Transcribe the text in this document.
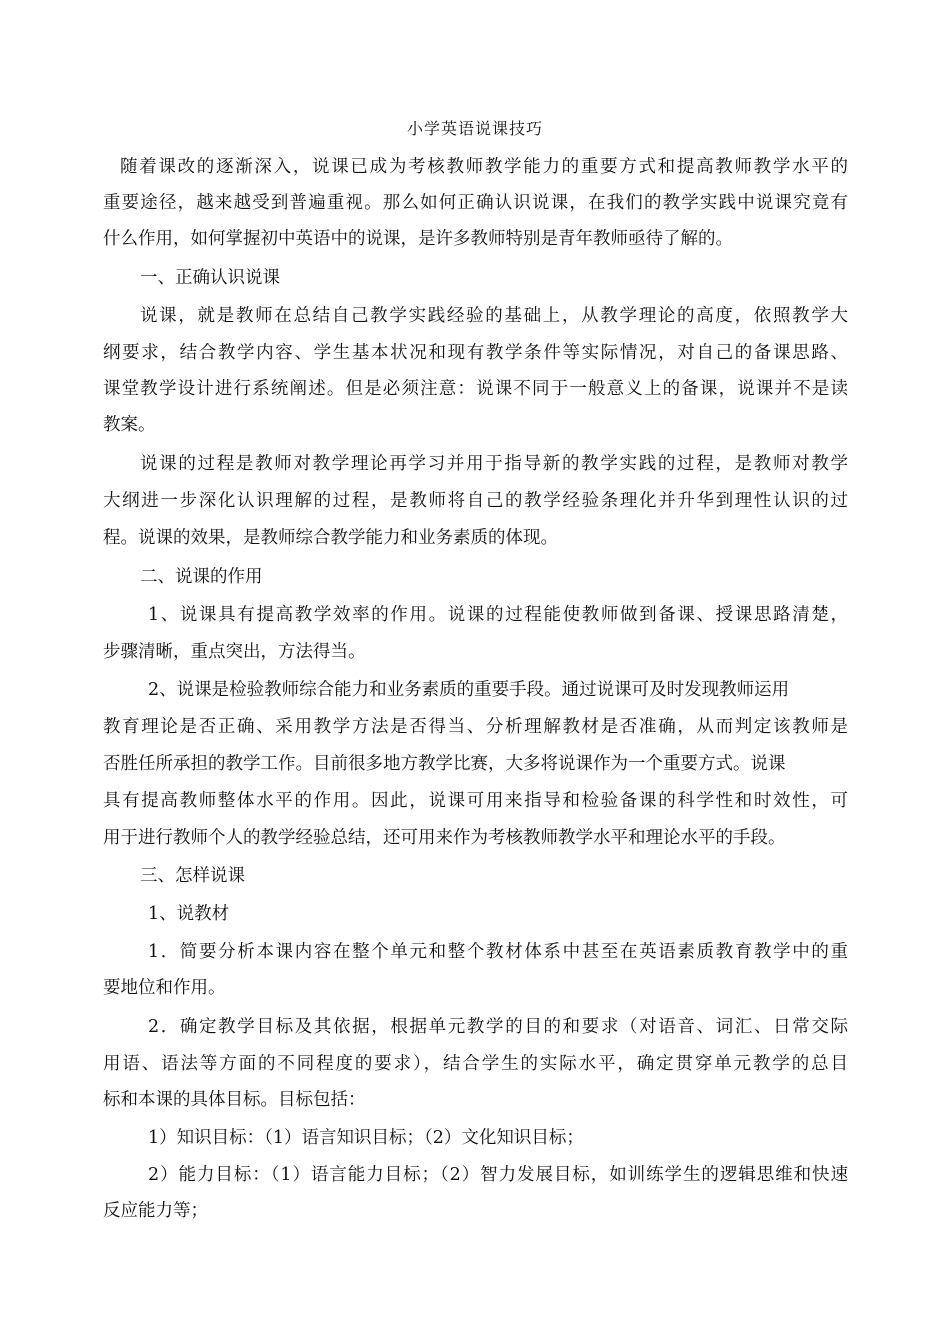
小学英语说课技巧

随着课改的逐渐深入，说课已成为考核教师教学能力的重要方式和提高教师教学水平的

重要途径，越来越受到普遍重视。那么如何正确认识说课，在我们的教学实践中说课究竟有

什么作用，如何掌握初中英语中的说课，是许多教师特别是青年教师亟待了解的。

一、正确认识说课

说课，就是教师在总结自己教学实践经验的基础上，从教学理论的高度，依照教学大

纲要求，结合教学内容、学生基本状况和现有教学条件等实际情况，对自己的备课思路、

课堂教学设计进行系统阐述。但是必须注意：说课不同于一般意义上的备课，说课并不是读

教案。

说课的过程是教师对教学理论再学习并用于指导新的教学实践的过程，是教师对教学

大纲进一步深化认识理解的过程，是教师将自己的教学经验条理化并升华到理性认识的过

程。说课的效果，是教师综合教学能力和业务素质的体现。

二、说课的作用

1、说课具有提高教学效率的作用。说课的过程能使教师做到备课、授课思路清楚，

步骤清晰，重点突出，方法得当。

2、说课是检验教师综合能力和业务素质的重要手段。通过说课可及时发现教师运用

教育理论是否正确、采用教学方法是否得当、分析理解教材是否准确，从而判定该教师是

否胜任所承担的教学工作。目前很多地方教学比赛，大多将说课作为一个重要方式。说课

具有提高教师整体水平的作用。因此，说课可用来指导和检验备课的科学性和时效性，可

用于进行教师个人的教学经验总结，还可用来作为考核教师教学水平和理论水平的手段。

三、怎样说课

1、说教材

1．简要分析本课内容在整个单元和整个教材体系中甚至在英语素质教育教学中的重

要地位和作用。

2．确定教学目标及其依据，根据单元教学的目的和要求（对语音、词汇、日常交际

用语、语法等方面的不同程度的要求），结合学生的实际水平，确定贯穿单元教学的总目

标和本课的具体目标。目标包括：

1）知识目标：（1）语言知识目标；（2）文化知识目标；

2）能力目标：（1）语言能力目标；（2）智力发展目标，如训练学生的逻辑思维和快速

反应能力等；
